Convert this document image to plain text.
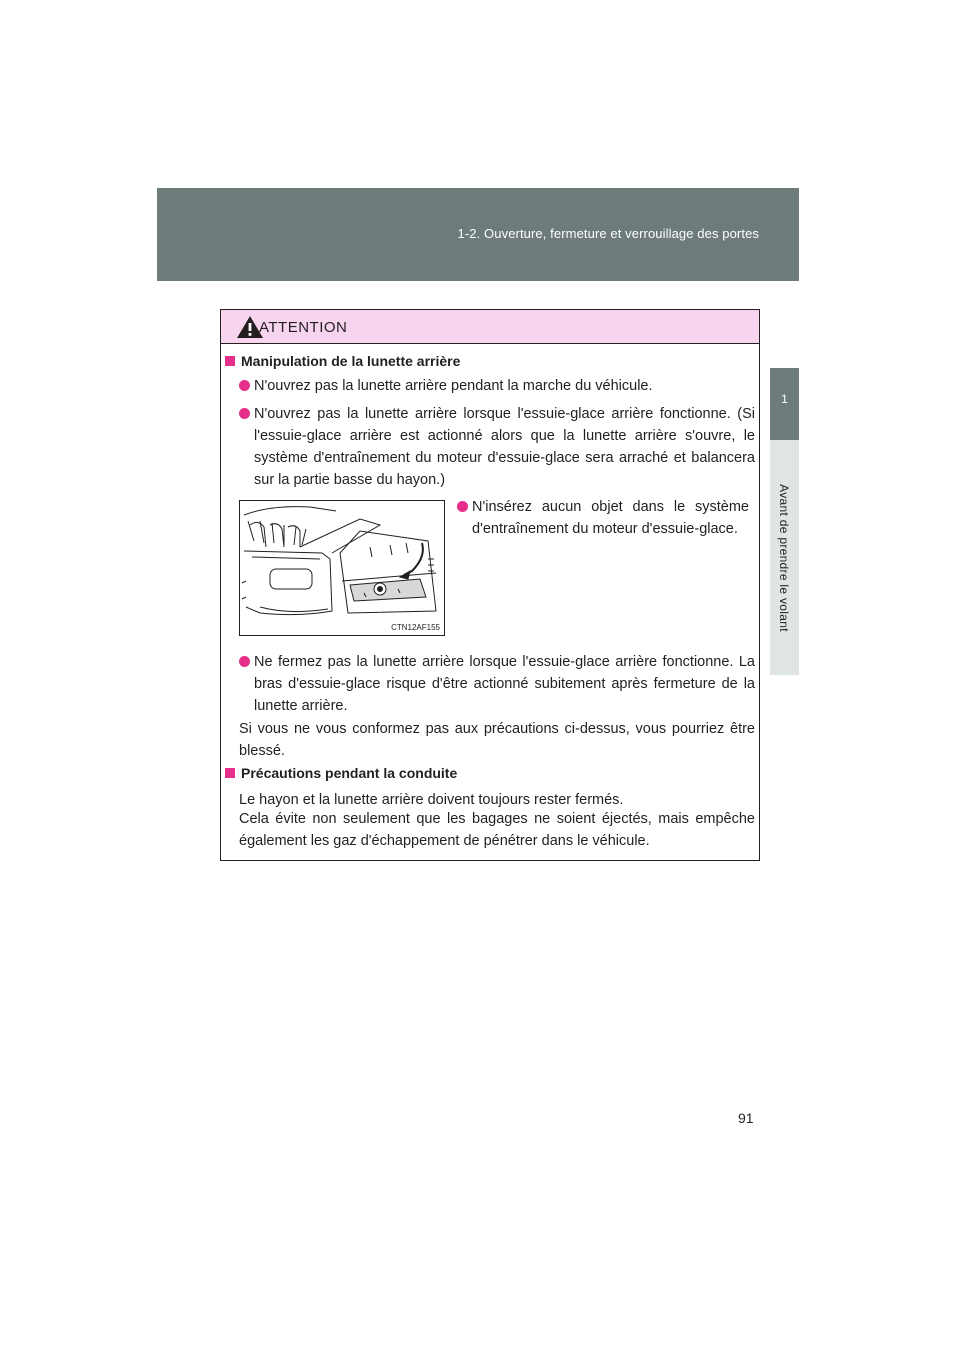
1-2. Ouverture, fermeture et verrouillage des portes
1
Avant de prendre le volant
ATTENTION
Manipulation de la lunette arrière
N'ouvrez pas la lunette arrière pendant la marche du véhicule.
N'ouvrez pas la lunette arrière lorsque l'essuie-glace arrière fonctionne. (Si l'essuie-glace arrière est actionné alors que la lunette arrière s'ouvre, le système d'entraînement du moteur d'essuie-glace sera arraché et balancera sur la partie basse du hayon.)
CTN12AF155
N'insérez aucun objet dans le système d'entraînement du moteur d'essuie-glace.
Ne fermez pas la lunette arrière lorsque l'essuie-glace arrière fonctionne. La bras d'essuie-glace risque d'être actionné subitement après fermeture de la lunette arrière.
Si vous ne vous conformez pas aux précautions ci-dessus, vous pourriez être blessé.
Précautions pendant la conduite
Le hayon et la lunette arrière doivent toujours rester fermés.
Cela évite non seulement que les bagages ne soient éjectés, mais empêche également les gaz d'échappement de pénétrer dans le véhicule.
91
